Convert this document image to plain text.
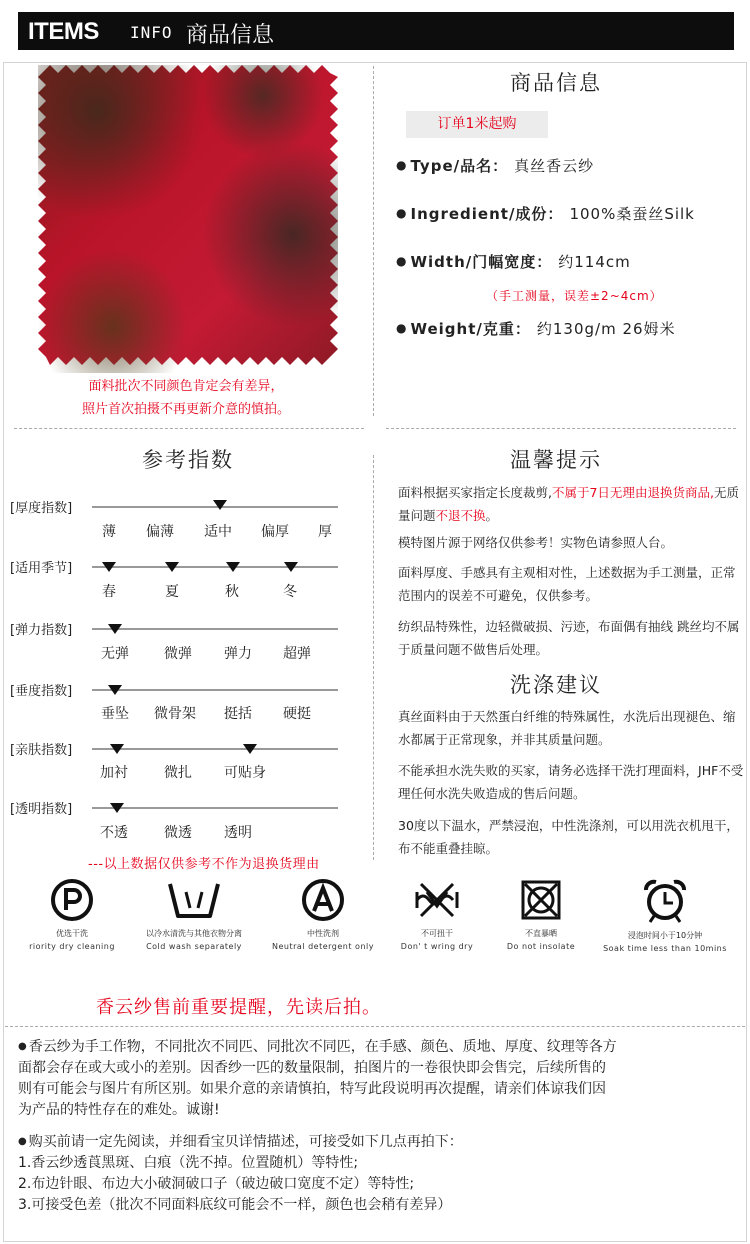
ITEMS INFO 商品信息
面料批次不同颜色肯定会有差异，
照片首次拍摄不再更新介意的慎拍。
商品信息
订单1米起购
● Type/品名： 真丝香云纱
● Ingredient/成份： 100%桑蚕丝Silk
● Width/门幅宽度： 约114cm
（手工测量，误差±2~4cm）
● Weight/克重： 约130g/m 26姆米
参考指数
[厚度指数]
薄 偏薄 适中 偏厚 厚
[适用季节]
春	夏	秋	冬
[弹力指数]
无弹	微弹 弹力 超弹
[垂度指数]
垂坠 微骨架 挺括 硬挺
[亲肤指数]
加衬	微扎 可贴身
[透明指数]
不透	微透 透明
---以上数据仅供参考不作为退换货理由
温馨提示
面料根据买家指定长度裁剪,不属于7日无理由退换货商品,无质量问题不退不换。
模特图片源于网络仅供参考！实物色请参照人台。
面料厚度、手感具有主观相对性，上述数据为手工测量，正常范围内的误差不可避免，仅供参考。
纺织品特殊性，边轻微破损、污迹，布面偶有抽线 跳丝均不属于质量问题不做售后处理。
洗涤建议
真丝面料由于天然蛋白纤维的特殊属性，水洗后出现褪色、缩水都属于正常现象，并非其质量问题。
不能承担水洗失败的买家，请务必选择干洗打理面料，JHF不受理任何水洗失败造成的售后问题。
30度以下温水，严禁浸泡，中性洗涤剂，可以用洗衣机甩干，布不能重叠挂晾。
优选干洗
riority dry cleaning
以冷水清洗与其他衣物分离
Cold wash separately
中性洗剂
Neutral detergent only
不可扭干
Don' t wring dry
不直暴晒
Do not insolate
浸泡时间小于10分钟
Soak time less than 10mins
香云纱售前重要提醒，先读后拍。
● 香云纱为手工作物，不同批次不同匹、同批次不同匹，在手感、颜色、质地、厚度、纹理等各方
面都会存在或大或小的差别。因香纱一匹的数量限制，拍图片的一卷很快即会售完，后续所售的
则有可能会与图片有所区别。如果介意的亲请慎拍，特写此段说明再次提醒，请亲们体谅我们因
为产品的特性存在的难处。诚谢!
● 购买前请一定先阅读，并细看宝贝详情描述，可接受如下几点再拍下：
1.香云纱透莨黑斑、白痕（洗不掉。位置随机）等特性;
2.布边针眼、布边大小破洞破口子（破边破口宽度不定）等特性;
3.可接受色差（批次不同面料底纹可能会不一样，颜色也会稍有差异）
